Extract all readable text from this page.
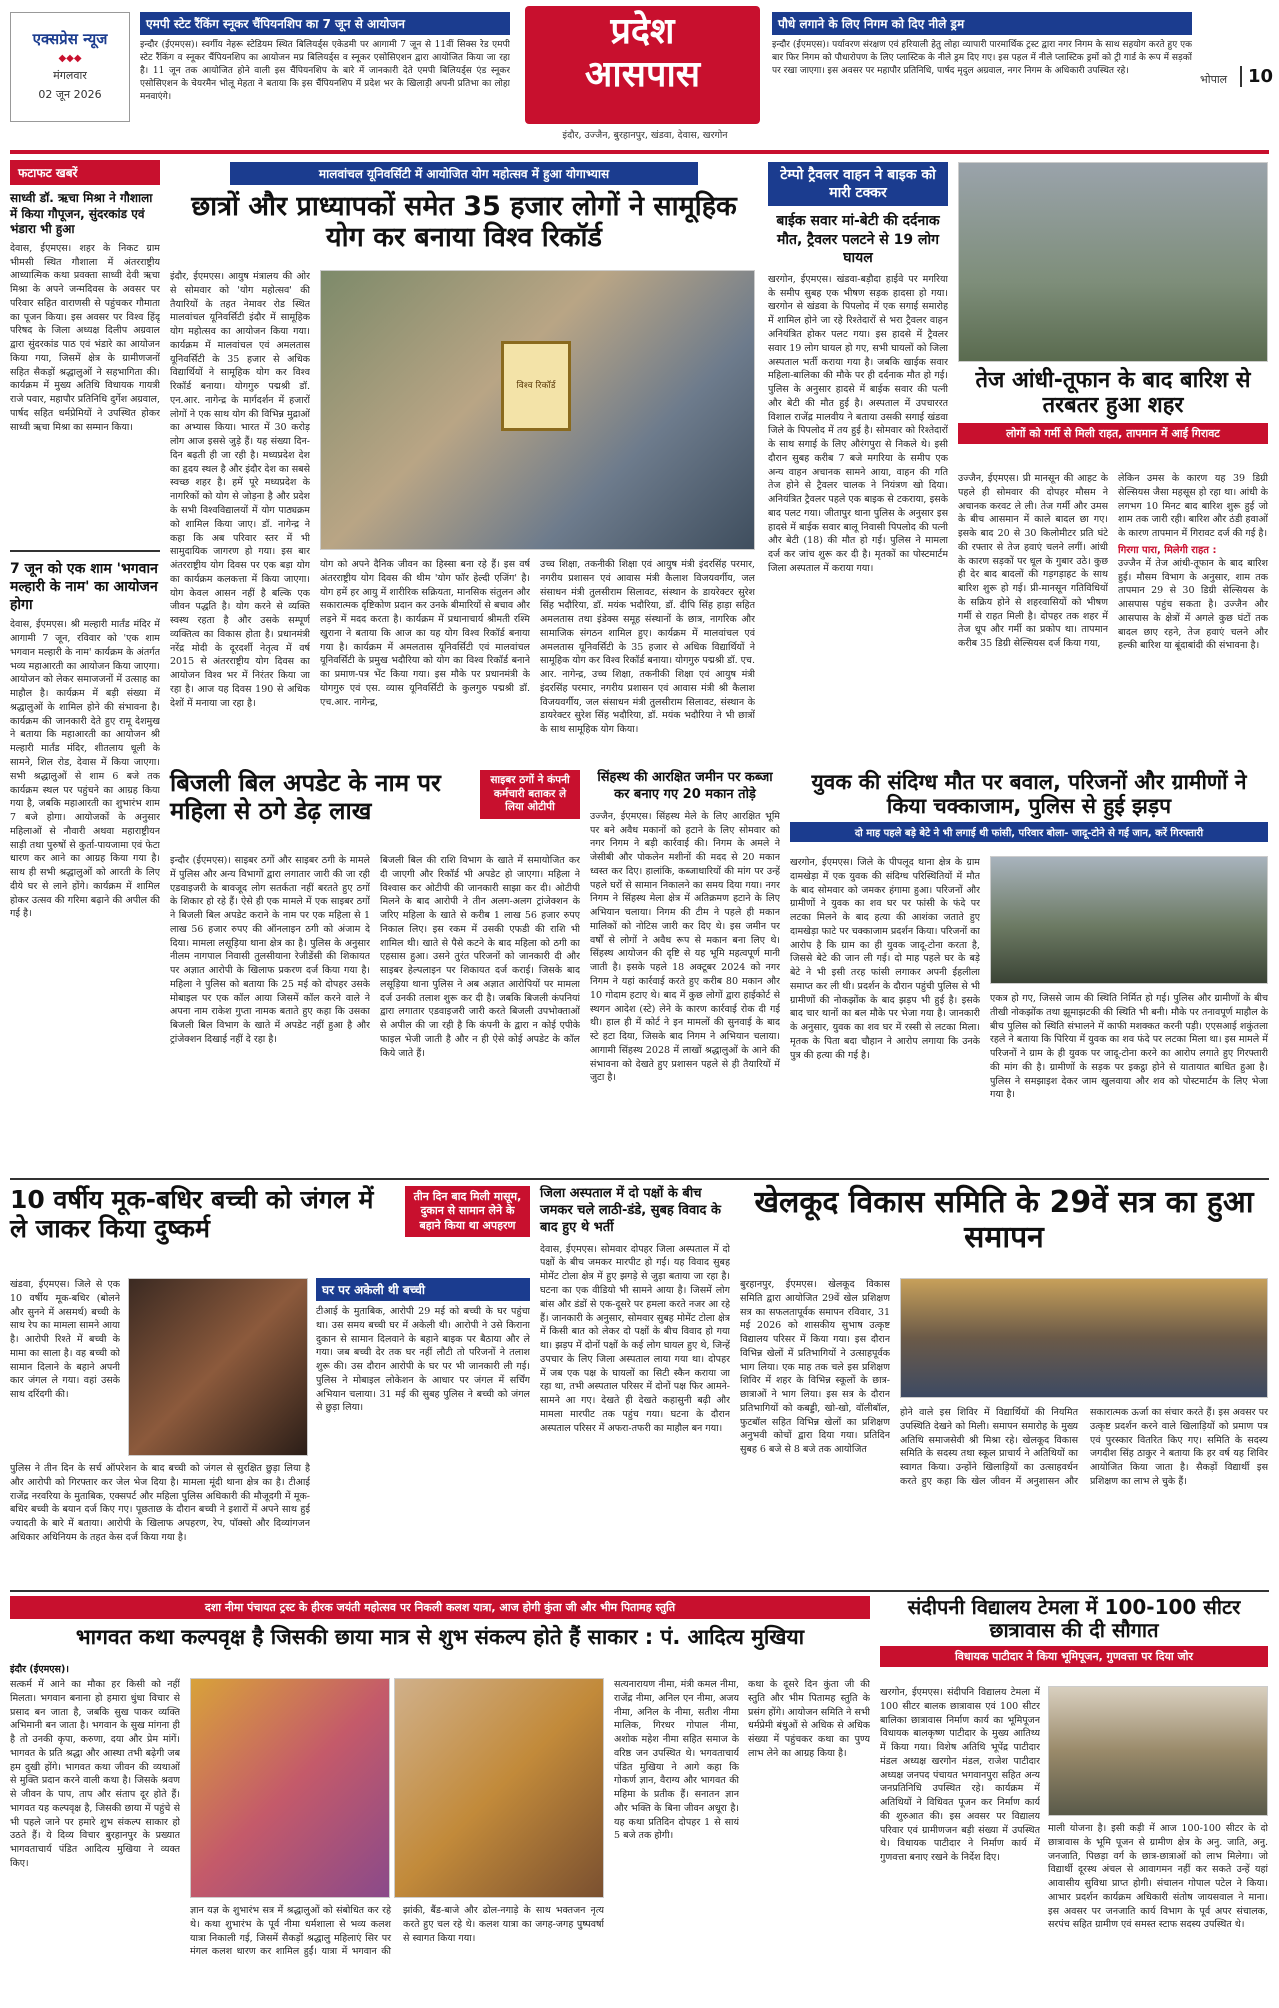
एक्सप्रेस न्यूज
◆◆◆
मंगलवार
02 जून 2026
एमपी स्टेट रैंकिंग स्नूकर चैंपियनशिप का 7 जून से आयोजन
इन्दौर (ईएमएस)। स्वर्गीय नेहरू स्टेडियम स्थित बिलियर्ड्स एकेडमी पर आगामी 7 जून से 11वीं सिक्स रेड एमपी स्टेट रैंकिंग व स्नूकर चैंपियनशिप का आयोजन मप्र बिलियर्ड्स व स्नूकर एसोसिएशन द्वारा आयोजित किया जा रहा है। 11 जून तक आयोजित होने वाली इस चैंपियनशिप के बारे में जानकारी देते एमपी बिलियर्ड्स एंड स्नूकर एसोसिएशन के चेयरमैन भोलू मेहता ने बताया कि इस चैंपियनशिप में प्रदेश भर के खिलाड़ी अपनी प्रतिभा का लोहा मनवाएंगे।
प्रदेश
आसपास
इंदौर, उज्जैन, बुरहानपुर, खंडवा, देवास, खरगोन
पौधे लगाने के लिए निगम को दिए नीले ड्रम
इन्दौर (ईएमएस)। पर्यावरण संरक्षण एवं हरियाली हेतु लोहा व्यापारी पारमार्थिक ट्रस्ट द्वारा नगर निगम के साथ सहयोग करते हुए एक बार फिर निगम को पौधारोपण के लिए प्लास्टिक के नीले ड्रम दिए गए। इस पहल में नीले प्लास्टिक ड्रमों को ट्री गार्ड के रूप में सड़कों पर रखा जाएगा। इस अवसर पर महापौर प्रतिनिधि, पार्षद मृदुल अग्रवाल, नगर निगम के अधिकारी उपस्थित रहे।
भोपाल	10
फटाफट खबरें
साध्वी डॉ. ऋचा मिश्रा ने गौशाला में किया गौपूजन, सुंदरकांड एवं भंडारा भी हुआ
देवास, ईएमएस। शहर के निकट ग्राम भीमसी स्थित गौशाला में अंतरराष्ट्रीय आध्यात्मिक कथा प्रवक्ता साध्वी देवी ऋचा मिश्रा के अपने जन्मदिवस के अवसर पर परिवार सहित वाराणसी से पहुंचकर गौमाता का पूजन किया। इस अवसर पर विश्व हिंदू परिषद के जिला अध्यक्ष दिलीप अग्रवाल द्वारा सुंदरकांड पाठ एवं भंडारे का आयोजन किया गया, जिसमें क्षेत्र के ग्रामीणजनों सहित सैकड़ों श्रद्धालुओं ने सहभागिता की। कार्यक्रम में मुख्य अतिथि विधायक गायत्री राजे पवार, महापौर प्रतिनिधि दुर्गेश अग्रवाल, पार्षद सहित धर्मप्रेमियों ने उपस्थित होकर साध्वी ऋचा मिश्रा का सम्मान किया।
7 जून को एक शाम 'भगवान मल्हारी के नाम' का आयोजन होगा
देवास, ईएमएस। श्री मल्हारी मार्तंड मंदिर में आगामी 7 जून, रविवार को 'एक शाम भगवान मल्हारी के नाम' कार्यक्रम के अंतर्गत भव्य महाआरती का आयोजन किया जाएगा। आयोजन को लेकर समाजजनों में उत्साह का माहौल है। कार्यक्रम में बड़ी संख्या में श्रद्धालुओं के शामिल होने की संभावना है। कार्यक्रम की जानकारी देते हुए रामू देशमुख ने बताया कि महाआरती का आयोजन श्री मल्हारी मार्तंड मंदिर, शीतलाय धूली के सामने, शिल रोड, देवास में किया जाएगा। सभी श्रद्धालुओं से शाम 6 बजे तक कार्यक्रम स्थल पर पहुंचने का आग्रह किया गया है, जबकि महाआरती का शुभारंभ शाम 7 बजे होगा। आयोजकों के अनुसार महिलाओं से नौवारी अथवा महाराष्ट्रीयन साड़ी तथा पुरुषों से कुर्ता-पायजामा एवं फेटा धारण कर आने का आग्रह किया गया है। साथ ही सभी श्रद्धालुओं को आरती के लिए दीये घर से लाने होंगे। कार्यक्रम में शामिल होकर उत्सव की गरिमा बढ़ाने की अपील की गई है।
मालवांचल यूनिवर्सिटी में आयोजित योग महोत्सव में हुआ योगाभ्यास
छात्रों और प्राध्यापकों समेत 35 हजार लोगों ने सामूहिक योग कर बनाया विश्व रिकॉर्ड
इंदौर, ईएमएस। आयुष मंत्रालय की ओर से सोमवार को 'योग महोत्सव' की तैयारियों के तहत नेमावर रोड स्थित मालवांचल यूनिवर्सिटी इंदौर में सामूहिक योग महोत्सव का आयोजन किया गया। कार्यक्रम में मालवांचल एवं अमलतास यूनिवर्सिटी के 35 हजार से अधिक विद्यार्थियों ने सामूहिक योग कर विश्व रिकॉर्ड बनाया। योगगुरु पद्मश्री डॉ. एन.आर. नागेन्द्र के मार्गदर्शन में हजारों लोगों ने एक साथ योग की विभिन्न मुद्राओं का अभ्यास किया। भारत में 30 करोड़ लोग आज इससे जुड़े हैं। यह संख्या दिन-दिन बढ़ती ही जा रही है। मध्यप्रदेश देश का हृदय स्थल है और इंदौर देश का सबसे स्वच्छ शहर है। हमें पूरे मध्यप्रदेश के नागरिकों को योग से जोड़ना है और प्रदेश के सभी विश्वविद्यालयों में योग पाठ्यक्रम को शामिल किया जाए। डॉ. नागेन्द्र ने कहा कि अब परिवार स्तर में भी सामुदायिक जागरण हो गया। इस बार अंतरराष्ट्रीय योग दिवस पर एक बड़ा योग का कार्यक्रम कलकत्ता में किया जाएगा। योग केवल आसन नहीं है बल्कि एक जीवन पद्धति है। योग करने से व्यक्ति स्वस्थ रहता है और उसके सम्पूर्ण व्यक्तित्व का विकास होता है। प्रधानमंत्री नरेंद्र मोदी के दूरदर्शी नेतृत्व में वर्ष 2015 से अंतरराष्ट्रीय योग दिवस का आयोजन विश्व भर में निरंतर किया जा रहा है। आज यह दिवस 190 से अधिक देशों में मनाया जा रहा है।
विश्व रिकॉर्ड
योग को अपने दैनिक जीवन का हिस्सा बना रहे हैं। इस वर्ष अंतरराष्ट्रीय योग दिवस की थीम 'योग फॉर हेल्दी एजिंग' है। योग हमें हर आयु में शारीरिक सक्रियता, मानसिक संतुलन और सकारात्मक दृष्टिकोण प्रदान कर उनके बीमारियों से बचाव और लड़ने में मदद करता है। कार्यक्रम में प्रधानाचार्य श्रीमती रश्मि खुराना ने बताया कि आज का यह योग विश्व रिकॉर्ड बनाया गया है। कार्यक्रम में अमलतास यूनिवर्सिटी एवं मालवांचल यूनिवर्सिटी के प्रमुख भदौरिया को योग का विश्व रिकॉर्ड बनाने का प्रमाण-पत्र भेंट किया गया। इस मौके पर प्रधानमंत्री के योगगुरु एवं एस. व्यास यूनिवर्सिटी के कुलगुरु पद्मश्री डॉ. एच.आर. नागेन्द्र,
उच्च शिक्षा, तकनीकी शिक्षा एवं आयुष मंत्री इंदरसिंह परमार, नगरीय प्रशासन एवं आवास मंत्री कैलाश विजयवर्गीय, जल संसाधन मंत्री तुलसीराम सिलावट, संस्थान के डायरेक्टर सुरेश सिंह भदौरिया, डॉ. मयंक भदौरिया, डॉ. दीपि सिंह हाड़ा सहित अमलतास तथा इंडेक्स समूह संस्थानों के छात्र, नागरिक और सामाजिक संगठन शामिल हुए। कार्यक्रम में मालवांचल एवं अमलतास यूनिवर्सिटी के 35 हजार से अधिक विद्यार्थियों ने सामूहिक योग कर विश्व रिकॉर्ड बनाया। योगगुरु पद्मश्री डॉ. एच. आर. नागेन्द्र, उच्च शिक्षा, तकनीकी शिक्षा एवं आयुष मंत्री इंदरसिंह परमार, नगरीय प्रशासन एवं आवास मंत्री श्री कैलाश विजयवर्गीय, जल संसाधन मंत्री तुलसीराम सिलावट, संस्थान के डायरेक्टर सुरेश सिंह भदौरिया, डॉ. मयंक भदौरिया ने भी छात्रों के साथ सामूहिक योग किया।
टेम्पो ट्रैवलर वाहन ने बाइक को मारी टक्कर
बाईक सवार मां-बेटी की दर्दनाक मौत, ट्रैवलर पलटने से 19 लोग घायल
खरगोन, ईएमएस। खंडवा-बड़ौदा हाईवे पर मगरिया के समीप सुबह एक भीषण सड़क हादसा हो गया। खरगोन से खंडवा के पिपलोद में एक सगाई समारोह में शामिल होने जा रहे रिश्तेदारों से भरा ट्रैवलर वाहन अनियंत्रित होकर पलट गया। इस हादसे में ट्रैवलर सवार 19 लोग घायल हो गए, सभी घायलों को जिला अस्पताल भर्ती कराया गया है। जबकि खाईक सवार महिला-बालिका की मौके पर ही दर्दनाक मौत हो गई। पुलिस के अनुसार हादसे में बाईक सवार की पत्नी और बेटी की मौत हुई है। अस्पताल में उपचाररत विशाल राजेंद्र मालवीय ने बताया उसकी सगाई खंडवा जिले के पिपलोद में तय हुई है। सोमवार को रिश्तेदारों के साथ सगाई के लिए औरंगपुरा से निकले थे। इसी दौरान सुबह करीब 7 बजे मगरिया के समीप एक अन्य वाहन अचानक सामने आया, वाहन की गति तेज होने से ट्रैवलर चालक ने नियंत्रण खो दिया। अनियंत्रित ट्रैवलर पहले एक बाइक से टकराया, इसके बाद पलट गया। जीतापुर थाना पुलिस के अनुसार इस हादसे में बाईक सवार बालू निवासी पिपलोद की पत्नी और बेटी (18) की मौत हो गई। पुलिस ने मामला दर्ज कर जांच शुरू कर दी है। मृतकों का पोस्टमार्टम जिला अस्पताल में कराया गया।
तेज आंधी-तूफान के बाद बारिश से तरबतर हुआ शहर
लोगों को गर्मी से मिली राहत, तापमान में आई गिरावट
उज्जैन, ईएमएस। प्री मानसून की आहट के पहले ही सोमवार की दोपहर मौसम ने अचानक करवट ले ली। तेज गर्मी और उमस के बीच आसमान में काले बादल छा गए। इसके बाद 20 से 30 किलोमीटर प्रति घंटे की रफ्तार से तेज हवाएं चलने लगीं। आंधी के कारण सड़कों पर धूल के गुबार उठे। कुछ ही देर बाद बादलों की गड़गड़ाहट के साथ बारिश शुरू हो गई। प्री-मानसून गतिविधियों के सक्रिय होने से शहरवासियों को भीषण गर्मी से राहत मिली है। दोपहर तक शहर में तेज धूप और गर्मी का प्रकोप था। तापमान करीब 35 डिग्री सेल्सियस दर्ज किया गया,
लेकिन उमस के कारण यह 39 डिग्री सेल्सियस जैसा महसूस हो रहा था। आंधी के लगभग 10 मिनट बाद बारिश शुरू हुई जो शाम तक जारी रही। बारिश और ठंडी हवाओं के कारण तापमान में गिरावट दर्ज की गई है।
गिरगा पारा, मिलेगी राहत :
उज्जैन में तेज आंधी-तूफान के बाद बारिश हुई। मौसम विभाग के अनुसार, शाम तक तापमान 29 से 30 डिग्री सेल्सियस के आसपास पहुंच सकता है। उज्जैन और आसपास के क्षेत्रों में अगले कुछ घंटों तक बादल छाए रहने, तेज हवाएं चलने और हल्की बारिश या बूंदाबांदी की संभावना है।
बिजली बिल अपडेट के नाम पर महिला से ठगे डेढ़ लाख
साइबर ठगों ने कंपनी कर्मचारी बताकर ले लिया ओटीपी
इन्दौर (ईएमएस)। साइबर ठगों और साइबर ठगी के मामले में पुलिस और अन्य विभागों द्वारा लगातार जारी की जा रही एडवाइजरी के बावजूद लोग सतर्कता नहीं बरतते हुए ठगों के शिकार हो रहे हैं। ऐसे ही एक मामले में एक साइबर ठगों ने बिजली बिल अपडेट कराने के नाम पर एक महिला से 1 लाख 56 हजार रुपए की ऑनलाइन ठगी को अंजाम दे दिया। मामला लसूड़िया थाना क्षेत्र का है। पुलिस के अनुसार नीलम नागपाल निवासी तुलसीयाना रेजीडेंसी की शिकायत पर अज्ञात आरोपी के खिलाफ प्रकरण दर्ज किया गया है। महिला ने पुलिस को बताया कि 25 मई को दोपहर उसके मोबाइल पर एक कॉल आया जिसमें कॉल करने वाले ने अपना नाम राकेश गुप्ता नामक बताते हुए कहा कि उसका बिजली बिल विभाग के खाते में अपडेट नहीं हुआ है और ट्रांजेक्शन दिखाई नहीं दे रहा है।
बिजली बिल की राशि विभाग के खाते में समायोजित कर दी जाएगी और रिकॉर्ड भी अपडेट हो जाएगा। महिला ने विश्वास कर ओटीपी की जानकारी साझा कर दी। ओटीपी मिलने के बाद आरोपी ने तीन अलग-अलग ट्रांजेक्शन के जरिए महिला के खाते से करीब 1 लाख 56 हजार रुपए निकाल लिए। इस रकम में उसकी एफडी की राशि भी शामिल थी। खाते से पैसे कटने के बाद महिला को ठगी का एहसास हुआ। उसने तुरंत परिजनों को जानकारी दी और साइबर हेल्पलाइन पर शिकायत दर्ज कराई। जिसके बाद लसूड़िया थाना पुलिस ने अब अज्ञात आरोपियों पर मामला दर्ज उनकी तलाश शुरू कर दी है। जबकि बिजली कंपनियां द्वारा लगातार एडवाइजरी जारी करते बिजली उपभोक्ताओं से अपील की जा रही है कि कंपनी के द्वारा न कोई एपीके फाइल भेजी जाती है और न ही ऐसे कोई अपडेट के कॉल किये जाते हैं।
सिंहस्थ की आरक्षित जमीन पर कब्जा कर बनाए गए 20 मकान तोड़े
उज्जैन, ईएमएस। सिंहस्थ मेले के लिए आरक्षित भूमि पर बने अवैध मकानों को हटाने के लिए सोमवार को नगर निगम ने बड़ी कार्रवाई की। निगम के अमले ने जेसीबी और पोकलेन मशीनों की मदद से 20 मकान ध्वस्त कर दिए। हालांकि, कब्जाधारियों की मांग पर उन्हें पहले घरों से सामान निकालने का समय दिया गया। नगर निगम ने सिंहस्थ मेला क्षेत्र में अतिक्रमण हटाने के लिए अभियान चलाया। निगम की टीम ने पहले ही मकान मालिकों को नोटिस जारी कर दिए थे। इस जमीन पर वर्षों से लोगों ने अवैध रूप से मकान बना लिए थे। सिंहस्थ आयोजन की दृष्टि से यह भूमि महत्वपूर्ण मानी जाती है। इसके पहले 18 अक्टूबर 2024 को नगर निगम ने यहां कार्रवाई करते हुए करीब 80 मकान और 10 गोदाम हटाए थे। बाद में कुछ लोगों द्वारा हाईकोर्ट से स्थगन आदेश (स्टे) लेने के कारण कार्रवाई रोक दी गई थी। हाल ही में कोर्ट ने इन मामलों की सुनवाई के बाद स्टे हटा दिया, जिसके बाद निगम ने अभियान चलाया। आगामी सिंहस्थ 2028 में लाखों श्रद्धालुओं के आने की संभावना को देखते हुए प्रशासन पहले से ही तैयारियों में जुटा है।
युवक की संदिग्ध मौत पर बवाल, परिजनों और ग्रामीणों ने किया चक्काजाम, पुलिस से हुई झड़प
दो माह पहले बड़े बेटे ने भी लगाई थी फांसी, परिवार बोला- जादू-टोने से गई जान, करें गिरफ्तारी
खरगोन, ईएमएस। जिले के पीपलूद थाना क्षेत्र के ग्राम दामखेड़ा में एक युवक की संदिग्ध परिस्थितियों में मौत के बाद सोमवार को जमकर हंगामा हुआ। परिजनों और ग्रामीणों ने युवक का शव घर पर फांसी के फंदे पर लटका मिलने के बाद हत्या की आशंका जताते हुए दामखेड़ा फाटे पर चक्काजाम प्रदर्शन किया। परिजनों का आरोप है कि ग्राम का ही युवक जादू-टोना करता है, जिससे बेटे की जान ली गई। दो माह पहले घर के बड़े बेटे ने भी इसी तरह फांसी लगाकर अपनी ईहलीला समाप्त कर ली थी। प्रदर्शन के दौरान पहुंची पुलिस से भी ग्रामीणों की नोकझोंक के बाद झड़प भी हुई है। इसके बाद चार थानों का बल मौके पर भेजा गया है। जानकारी के अनुसार, युवक का शव घर में रस्सी से लटका मिला। मृतक के पिता बदा चौहान ने आरोप लगाया कि उनके पुत्र की हत्या की गई है।
एकत्र हो गए, जिससे जाम की स्थिति निर्मित हो गई। पुलिस और ग्रामीणों के बीच तीखी नोकझोंक तथा झूमाझटकी की स्थिति भी बनी। मौके पर तनावपूर्ण माहौल के बीच पुलिस को स्थिति संभालने में काफी मशक्कत करनी पड़ी। एएसआई शकुंतला रहले ने बताया कि पिरिया में युवक का शव फंदे पर लटका मिला था। इस मामले में परिजनों ने ग्राम के ही युवक पर जादू-टोना करने का आरोप लगाते हुए गिरफ्तारी की मांग की है। ग्रामीणों के सड़क पर इकट्ठा होने से यातायात बाधित हुआ है। पुलिस ने समझाइश देकर जाम खुलवाया और शव को पोस्टमार्टम के लिए भेजा गया है।
10 वर्षीय मूक-बधिर बच्ची को जंगल में ले जाकर किया दुष्कर्म
तीन दिन बाद मिली मासूम, दुकान से सामान लेने के बहाने किया था अपहरण
खंडवा, ईएमएस। जिले से एक 10 वर्षीय मूक-बधिर (बोलने और सुनने में असमर्थ) बच्ची के साथ रेप का मामला सामने आया है। आरोपी रिश्ते में बच्ची के मामा का साला है। वह बच्ची को सामान दिलाने के बहाने अपनी कार जंगल ले गया। वहां उसके साथ दरिंदगी की।
घर पर अकेली थी बच्ची
टीआई के मुताबिक, आरोपी 29 मई को बच्ची के घर पहुंचा था। उस समय बच्ची घर में अकेली थी। आरोपी ने उसे किराना दुकान से सामान दिलवाने के बहाने बाइक पर बैठाया और ले गया। जब बच्ची देर तक घर नहीं लौटी तो परिजनों ने तलाश शुरू की। उस दौरान आरोपी के घर पर भी जानकारी ली गई। पुलिस ने मोबाइल लोकेशन के आधार पर जंगल में सर्चिंग अभियान चलाया। 31 मई की सुबह पुलिस ने बच्ची को जंगल से छुड़ा लिया।
पुलिस ने तीन दिन के सर्च ऑपरेशन के बाद बच्ची को जंगल से सुरक्षित छुड़ा लिया है और आरोपी को गिरफ्तार कर जेल भेज दिया है। मामला मूंदी थाना क्षेत्र का है। टीआई राजेंद्र नरवरिया के मुताबिक, एक्सपर्ट और महिला पुलिस अधिकारी की मौजूदगी में मूक-बधिर बच्ची के बयान दर्ज किए गए। पूछताछ के दौरान बच्ची ने इशारों में अपने साथ हुई ज्यादती के बारे में बताया। आरोपी के खिलाफ अपहरण, रेप, पॉक्सो और दिव्यांगजन अधिकार अधिनियम के तहत केस दर्ज किया गया है।
जिला अस्पताल में दो पक्षों के बीच जमकर चले लाठी-डंडे, सुबह विवाद के बाद हुए थे भर्ती
देवास, ईएमएस। सोमवार दोपहर जिला अस्पताल में दो पक्षों के बीच जमकर मारपीट हो गई। यह विवाद सुबह मोमेंट टोला क्षेत्र में हुए झगड़े से जुड़ा बताया जा रहा है। घटना का एक वीडियो भी सामने आया है। जिसमें लोग बांस और डंडों से एक-दूसरे पर हमला करते नजर आ रहे हैं। जानकारी के अनुसार, सोमवार सुबह मोमेंट टोला क्षेत्र में किसी बात को लेकर दो पक्षों के बीच विवाद हो गया था। झड़प में दोनों पक्षों के कई लोग घायल हुए थे, जिन्हें उपचार के लिए जिला अस्पताल लाया गया था। दोपहर में जब एक पक्ष के घायलों का सिटी स्कैन कराया जा रहा था, तभी अस्पताल परिसर में दोनों पक्ष फिर आमने-सामने आ गए। देखते ही देखते कहासुनी बढ़ी और मामला मारपीट तक पहुंच गया। घटना के दौरान अस्पताल परिसर में अफरा-तफरी का माहौल बन गया।
खेलकूद विकास समिति के 29वें सत्र का हुआ समापन
बुरहानपुर, ईएमएस। खेलकूद विकास समिति द्वारा आयोजित 29वें खेल प्रशिक्षण सत्र का सफलतापूर्वक समापन रविवार, 31 मई 2026 को शासकीय सुभाष उत्कृष्ट विद्यालय परिसर में किया गया। इस दौरान विभिन्न खेलों में प्रतिभागियों ने उत्साहपूर्वक भाग लिया। एक माह तक चले इस प्रशिक्षण शिविर में शहर के विभिन्न स्कूलों के छात्र-छात्राओं ने भाग लिया। इस सत्र के दौरान प्रतिभागियों को कबड्डी, खो-खो, वॉलीबॉल, फुटबॉल सहित विभिन्न खेलों का प्रशिक्षण अनुभवी कोचों द्वारा दिया गया। प्रतिदिन सुबह 6 बजे से 8 बजे तक आयोजित
होने वाले इस शिविर में विद्यार्थियों की नियमित उपस्थिति देखने को मिली। समापन समारोह के मुख्य अतिथि समाजसेवी श्री मिश्रा रहे। खेलकूद विकास समिति के सदस्य तथा स्कूल प्राचार्य ने अतिथियों का स्वागत किया। उन्होंने खिलाड़ियों का उत्साहवर्धन करते हुए कहा कि खेल जीवन में अनुशासन और सकारात्मक ऊर्जा का संचार करते हैं। इस अवसर पर उत्कृष्ट प्रदर्शन करने वाले खिलाड़ियों को प्रमाण पत्र एवं पुरस्कार वितरित किए गए। समिति के सदस्य जगदीश सिंह ठाकुर ने बताया कि हर वर्ष यह शिविर आयोजित किया जाता है। सैकड़ों विद्यार्थी इस प्रशिक्षण का लाभ ले चुके हैं।
दशा नीमा पंचायत ट्रस्ट के हीरक जयंती महोत्सव पर निकली कलश यात्रा, आज होगी कुंता जी और भीम पितामह स्तुति
भागवत कथा कल्पवृक्ष है जिसकी छाया मात्र से शुभ संकल्प होते हैं साकार : पं. आदित्य मुखिया
इंदौर (ईएमएस)।
सत्कर्म में आने का मौका हर किसी को नहीं मिलता। भगवान बनाना हो हमारा धुंधा विचार से प्रसाद बन जाता है, जबकि सुख पाकर व्यक्ति अभिमानी बन जाता है। भगवान के सुख मांगना ही है तो उनकी कृपा, करुणा, दया और प्रेम मांगें। भागवत के प्रति श्रद्धा और आस्था तभी बढ़ेगी जब हम दुखी होंगे। भागवत कथा जीवन की व्यथाओं से मुक्ति प्रदान करने वाली कथा है। जिसके श्रवण से जीवन के पाप, ताप और संताप दूर होते हैं। भागवत यह कल्पवृक्ष है, जिसकी छाया में पहुंचे से भी पहले जाने पर हमारे शुभ संकल्प साकार हो उठते हैं। ये दिव्य विचार बुरहानपुर के प्रख्यात भागवताचार्य पंडित आदित्य मुखिया ने व्यक्त किए।
ज्ञान यज्ञ के शुभारंभ सत्र में श्रद्धालुओं को संबोधित कर रहे थे। कथा शुभारंभ के पूर्व नीमा धर्मशाला से भव्य कलश यात्रा निकाली गई, जिसमें सैकड़ों श्रद्धालु महिलाएं सिर पर मंगल कलश धारण कर शामिल हुईं। यात्रा में भगवान की झांकी, बैंड-बाजे और ढोल-नगाड़े के साथ भक्तजन नृत्य करते हुए चल रहे थे। कलश यात्रा का जगह-जगह पुष्पवर्षा से स्वागत किया गया।
सत्यनारायण नीमा, मंत्री कमल नीमा, राजेंद्र नीमा, अनिल एन नीमा, अजय नीमा, अनिल के नीमा, सतीश नीमा मालिक, गिरधर गोपाल नीमा, अशोक महेश नीमा सहित समाज के वरिष्ठ जन उपस्थित थे। भगवताचार्य पंडित मुखिया ने आगे कहा कि गोकर्ण ज्ञान, वैराग्य और भागवत की महिमा के प्रतीक हैं। सनातन ज्ञान और भक्ति के बिना जीवन अधूरा है। यह कथा प्रतिदिन दोपहर 1 से सायं 5 बजे तक होगी।
कथा के दूसरे दिन कुंता जी की स्तुति और भीम पितामह स्तुति के प्रसंग होंगे। आयोजन समिति ने सभी धर्मप्रेमी बंधुओं से अधिक से अधिक संख्या में पहुंचकर कथा का पुण्य लाभ लेने का आग्रह किया है।
संदीपनी विद्यालय टेमला में 100-100 सीटर छात्रावास की दी सौगात
विधायक पाटीदार ने किया भूमिपूजन, गुणवत्ता पर दिया जोर
खरगोन, ईएमएस। संदीपनि विद्यालय टेमला में 100 सीटर बालक छात्रावास एवं 100 सीटर बालिका छात्रावास निर्माण कार्य का भूमिपूजन विधायक बालकृष्ण पाटीदार के मुख्य आतिथ्य में किया गया। विशेष अतिथि भूपेंद्र पाटीदार मंडल अध्यक्ष खरगोन मंडल, राजेश पाटीदार अध्यक्ष जनपद पंचायत भगवानपुरा सहित अन्य जनप्रतिनिधि उपस्थित रहे। कार्यक्रम में अतिथियों ने विधिवत पूजन कर निर्माण कार्य की शुरुआत की। इस अवसर पर विद्यालय परिवार एवं ग्रामीणजन बड़ी संख्या में उपस्थित थे। विधायक पाटीदार ने निर्माण कार्य में गुणवत्ता बनाए रखने के निर्देश दिए।
माली योजना है। इसी कड़ी में आज 100-100 सीटर के दो छात्रावास के भूमि पूजन से ग्रामीण क्षेत्र के अनु. जाति, अनु. जनजाति, पिछड़ा वर्ग के छात्र-छात्राओं को लाभ मिलेगा। जो विद्यार्थी दूरस्थ अंचल से आवागमन नहीं कर सकते उन्हें यहां आवासीय सुविधा प्राप्त होगी। संचालन गोपाल पटेल ने किया। आभार प्रदर्शन कार्यक्रम अधिकारी संतोष जायसवाल ने माना। इस अवसर पर जनजाति कार्य विभाग के पूर्व अपर संचालक, सरपंच सहित ग्रामीण एवं समस्त स्टाफ सदस्य उपस्थित थे।
